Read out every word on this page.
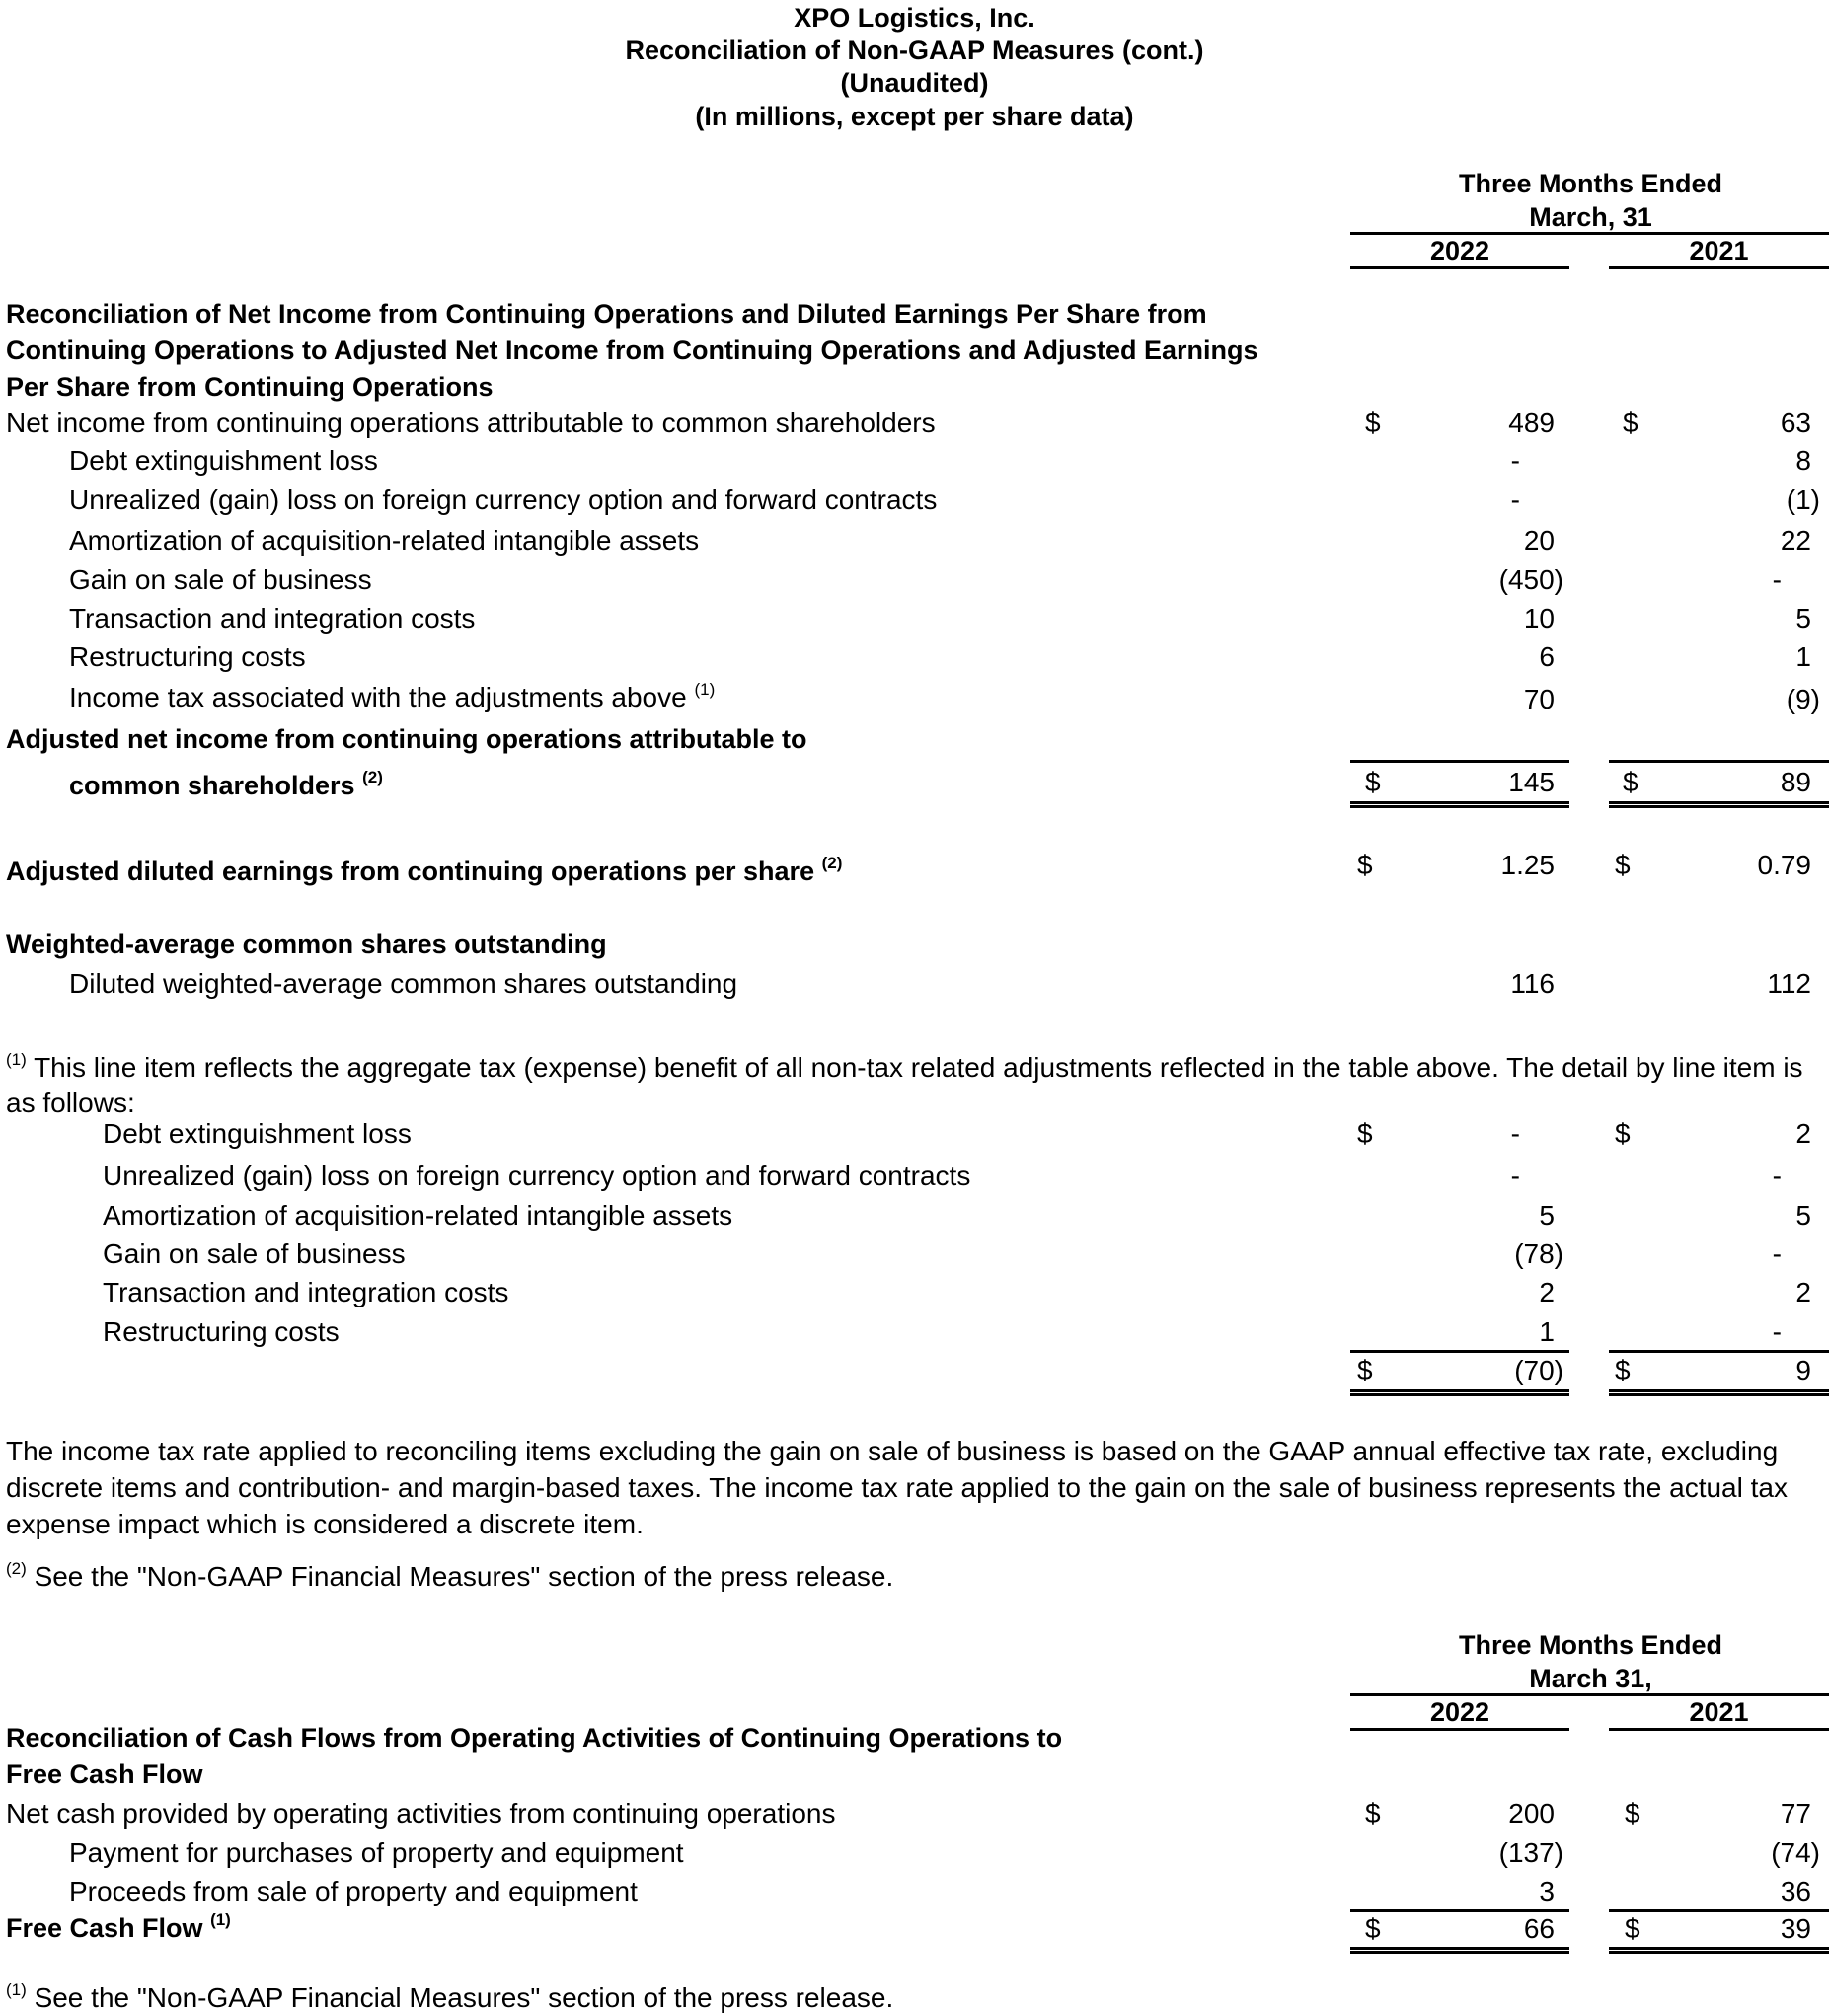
XPO Logistics, Inc.
Reconciliation of Non-GAAP Measures (cont.)
(Unaudited)
(In millions, except per share data)
Three Months Ended
March, 31
2022	2021
Reconciliation of Net Income from Continuing Operations and Diluted Earnings Per Share from
Continuing Operations to Adjusted Net Income from Continuing Operations and Adjusted Earnings
Per Share from Continuing Operations
Net income from continuing operations attributable to common shareholders	$	489 $	63
Debt extinguishment loss	-	8
Unrealized (gain) loss on foreign currency option and forward contracts	-	(1)
Amortization of acquisition-related intangible assets	20	22
Gain on sale of business	(450)	-
Transaction and integration costs	10	5
Restructuring costs	6	1
Income tax associated with the adjustments above $^{(1)}$	70	(9)
Adjusted net income from continuing operations attributable to
common shareholders $^{(2)}$	$	145 $	89
Adjusted diluted earnings from continuing operations per share $^{(2)}$	$	1.25 $	0.79
Weighted-average common shares outstanding
Diluted weighted-average common shares outstanding	116	112
$^{(1)}$ This line item reflects the aggregate tax (expense) benefit of all non-tax related adjustments reflected in the table above. The detail by line item is as follows:
Debt extinguishment loss	$	-	$	2
Unrealized (gain) loss on foreign currency option and forward contracts	-	-
Amortization of acquisition-related intangible assets	5	5
Gain on sale of business	(78)	-
Transaction and integration costs	2	2
Restructuring costs	1	-
$	(70) $	9
The income tax rate applied to reconciling items excluding the gain on sale of business is based on the GAAP annual effective tax rate, excluding discrete items and contribution- and margin-based taxes. The income tax rate applied to the gain on the sale of business represents the actual tax expense impact which is considered a discrete item.
$^{(2)}$ See the "Non-GAAP Financial Measures" section of the press release.
Three Months Ended
March 31,
2022	2021
Reconciliation of Cash Flows from Operating Activities of Continuing Operations to
Free Cash Flow
Net cash provided by operating activities from continuing operations	$	200	$	77
Payment for purchases of property and equipment	(137)	(74)
Proceeds from sale of property and equipment	3	36
Free Cash Flow $^{(1)}$	$	66	$	39
$^{(1)}$ See the "Non-GAAP Financial Measures" section of the press release.
